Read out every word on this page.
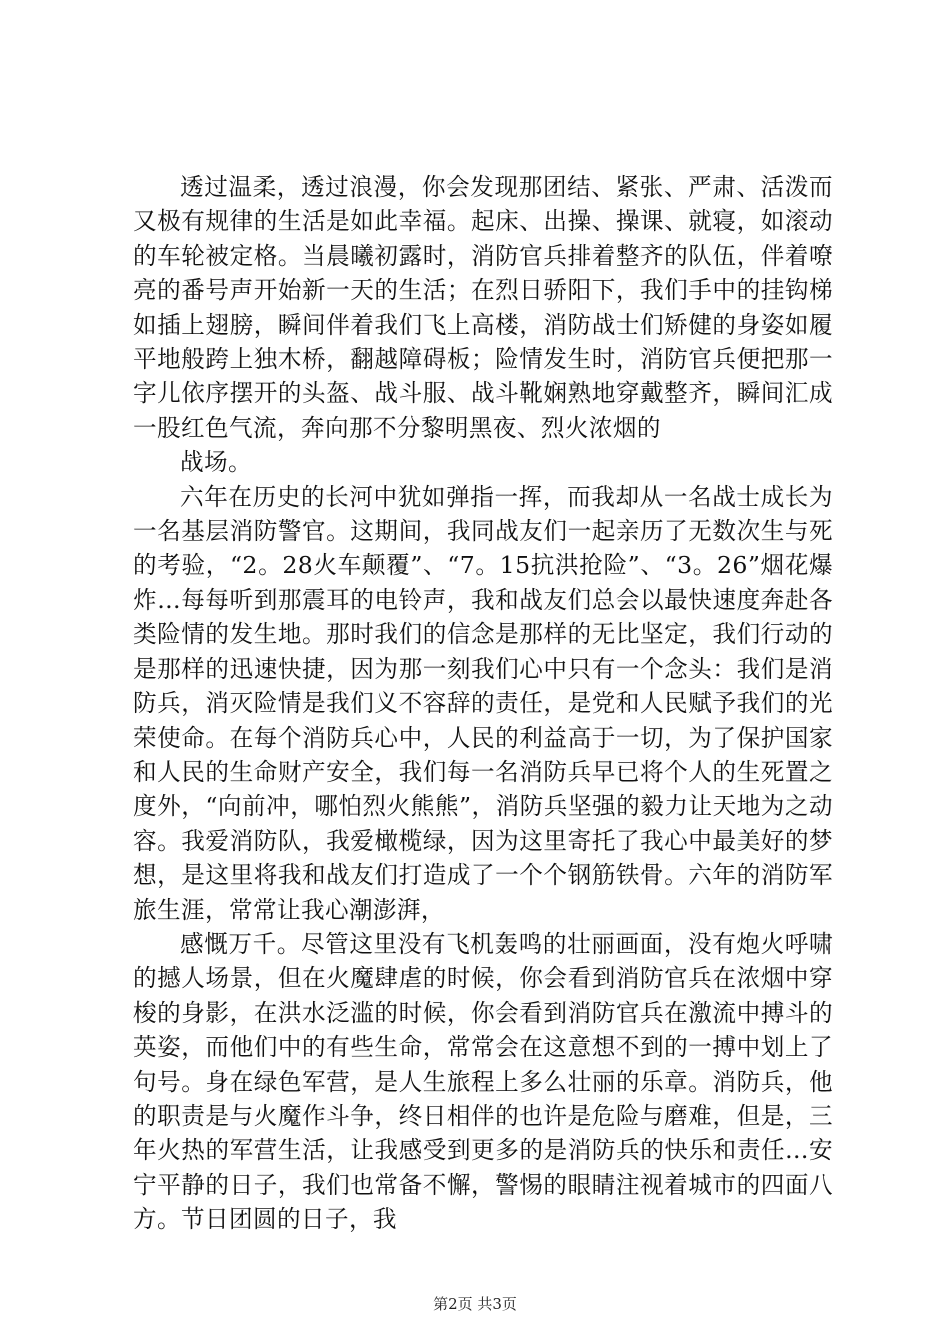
透过温柔，透过浪漫，你会发现那团结、紧张、严肃、活泼而又极有规律的生活是如此幸福。起床、出操、操课、就寝，如滚动的车轮被定格。当晨曦初露时，消防官兵排着整齐的队伍，伴着嘹亮的番号声开始新一天的生活；在烈日骄阳下，我们手中的挂钩梯如插上翅膀，瞬间伴着我们飞上高楼，消防战士们矫健的身姿如履平地般跨上独木桥，翻越障碍板；险情发生时，消防官兵便把那一字儿依序摆开的头盔、战斗服、战斗靴娴熟地穿戴整齐，瞬间汇成一股红色气流，奔向那不分黎明黑夜、烈火浓烟的

战场。

六年在历史的长河中犹如弹指一挥，而我却从一名战士成长为一名基层消防警官。这期间，我同战友们一起亲历了无数次生与死的考验，“2。28火车颠覆”、“7。15抗洪抢险”、“3。26”烟花爆炸…每每听到那震耳的电铃声，我和战友们总会以最快速度奔赴各类险情的发生地。那时我们的信念是那样的无比坚定，我们行动的是那样的迅速快捷，因为那一刻我们心中只有一个念头：我们是消防兵，消灭险情是我们义不容辞的责任，是党和人民赋予我们的光荣使命。在每个消防兵心中，人民的利益高于一切，为了保护国家和人民的生命财产安全，我们每一名消防兵早已将个人的生死置之度外，“向前冲，哪怕烈火熊熊”，消防兵坚强的毅力让天地为之动容。我爱消防队，我爱橄榄绿，因为这里寄托了我心中最美好的梦想，是这里将我和战友们打造成了一个个钢筋铁骨。六年的消防军旅生涯，常常让我心潮澎湃，

感慨万千。尽管这里没有飞机轰鸣的壮丽画面，没有炮火呼啸的撼人场景，但在火魔肆虐的时候，你会看到消防官兵在浓烟中穿梭的身影，在洪水泛滥的时候，你会看到消防官兵在激流中搏斗的英姿，而他们中的有些生命，常常会在这意想不到的一搏中划上了句号。身在绿色军营，是人生旅程上多么壮丽的乐章。消防兵，他的职责是与火魔作斗争，终日相伴的也许是危险与磨难，但是，三年火热的军营生活，让我感受到更多的是消防兵的快乐和责任...安宁平静的日子，我们也常备不懈，警惕的眼睛注视着城市的四面八方。节日团圆的日子，我

第2页 共3页
